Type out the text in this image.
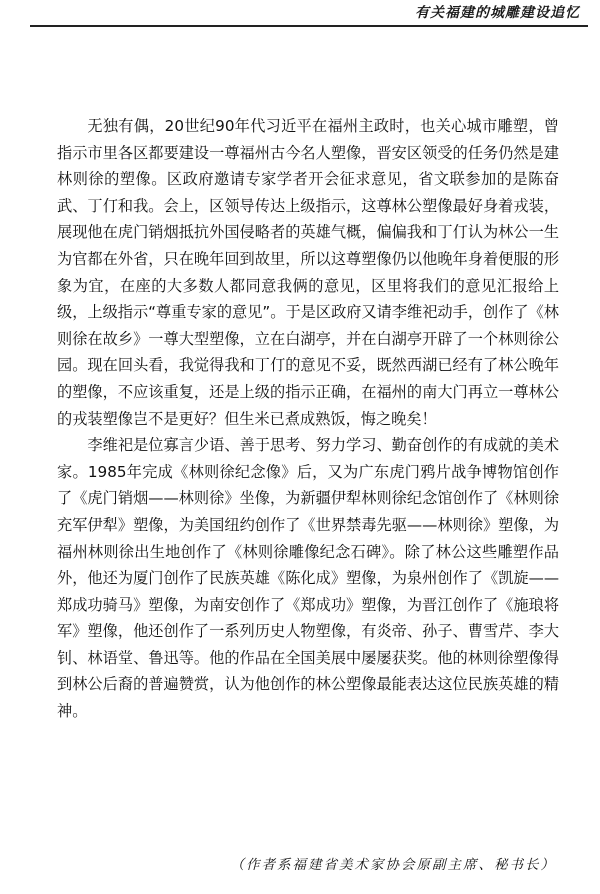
有关福建的城雕建设追忆

无独有偶，20世纪90年代习近平在福州主政时，也关心城市雕塑，曾指示市里各区都要建设一尊福州古今名人塑像，晋安区领受的任务仍然是建林则徐的塑像。区政府邀请专家学者开会征求意见，省文联参加的是陈奋武、丁仃和我。会上，区领导传达上级指示，这尊林公塑像最好身着戎装，展现他在虎门销烟抵抗外国侵略者的英雄气概，偏偏我和丁仃认为林公一生为官都在外省，只在晚年回到故里，所以这尊塑像仍以他晚年身着便服的形象为宜，在座的大多数人都同意我俩的意见，区里将我们的意见汇报给上级，上级指示“尊重专家的意见”。于是区政府又请李维祀动手，创作了《林则徐在故乡》一尊大型塑像，立在白湖亭，并在白湖亭开辟了一个林则徐公园。现在回头看，我觉得我和丁仃的意见不妥，既然西湖已经有了林公晚年的塑像，不应该重复，还是上级的指示正确，在福州的南大门再立一尊林公的戎装塑像岂不是更好？但生米已煮成熟饭，悔之晚矣！

李维祀是位寡言少语、善于思考、努力学习、勤奋创作的有成就的美术家。1985年完成《林则徐纪念像》后，又为广东虎门鸦片战争博物馆创作了《虎门销烟——林则徐》坐像，为新疆伊犁林则徐纪念馆创作了《林则徐充军伊犁》塑像，为美国纽约创作了《世界禁毒先驱——林则徐》塑像，为福州林则徐出生地创作了《林则徐雕像纪念石碑》。除了林公这些雕塑作品外，他还为厦门创作了民族英雄《陈化成》塑像，为泉州创作了《凯旋——郑成功骑马》塑像，为南安创作了《郑成功》塑像，为晋江创作了《施琅将军》塑像，他还创作了一系列历史人物塑像，有炎帝、孙子、曹雪芹、李大钊、林语堂、鲁迅等。他的作品在全国美展中屡屡获奖。他的林则徐塑像得到林公后裔的普遍赞赏，认为他创作的林公塑像最能表达这位民族英雄的精神。

（作者系福建省美术家协会原副主席、秘书长）
